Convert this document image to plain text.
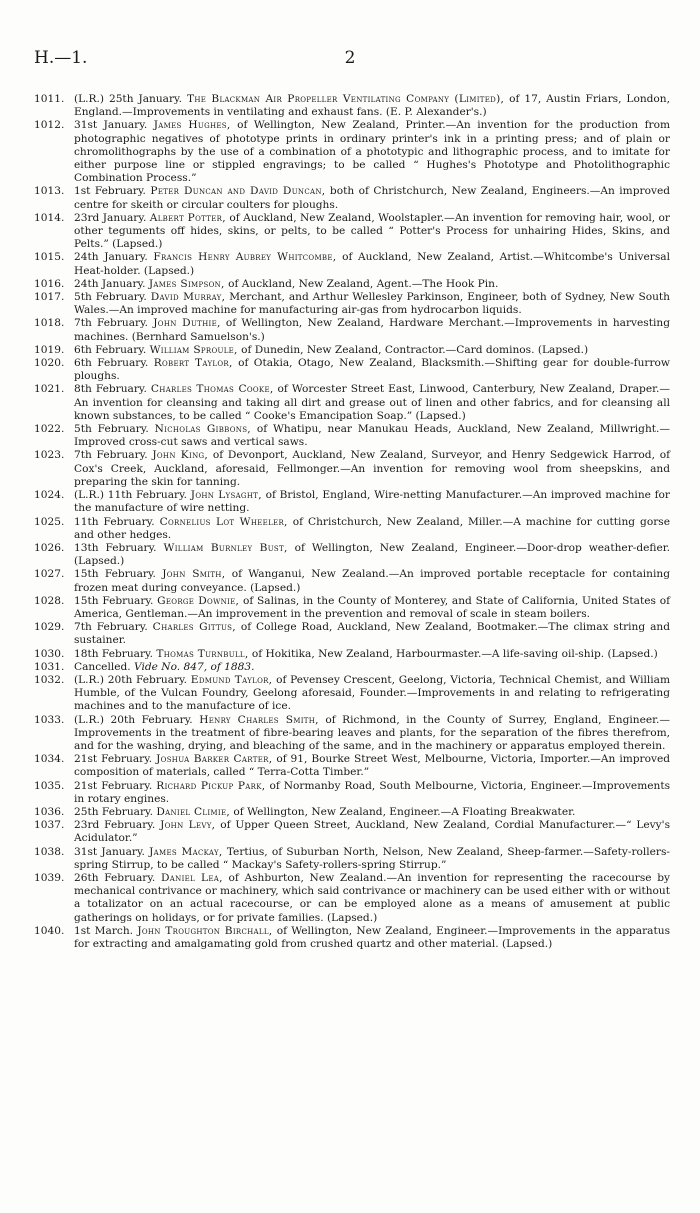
H.—1.	2
1011. (L.R.) 25th January. The Blackman Air Propeller Ventilating Company (Limited), of 17, Austin Friars, London, England.—Improvements in ventilating and exhaust fans. (E. P. Alexander's.)
1012. 31st January. James Hughes, of Wellington, New Zealand, Printer.—An invention for the production from photographic negatives of phototype prints in ordinary printer's ink in a printing press; and of plain or chromolithographs by the use of a combination of a phototypic and lithographic process, and to imitate for either purpose line or stippled engravings; to be called “ Hughes's Phototype and Photolithographic Combination Process.”
1013. 1st February. Peter Duncan and David Duncan, both of Christchurch, New Zealand, Engineers.—An improved centre for skeith or circular coulters for ploughs.
1014. 23rd January. Albert Potter, of Auckland, New Zealand, Woolstapler.—An invention for removing hair, wool, or other teguments off hides, skins, or pelts, to be called “ Potter's Process for unhairing Hides, Skins, and Pelts.” (Lapsed.)
1015. 24th January. Francis Henry Aubrey Whitcombe, of Auckland, New Zealand, Artist.—Whitcombe's Universal Heat-holder. (Lapsed.)
1016. 24th January. James Simpson, of Auckland, New Zealand, Agent.—The Hook Pin.
1017. 5th February. David Murray, Merchant, and Arthur Wellesley Parkinson, Engineer, both of Sydney, New South Wales.—An improved machine for manufacturing air-gas from hydrocarbon liquids.
1018. 7th February. John Duthie, of Wellington, New Zealand, Hardware Merchant.—Improvements in harvesting machines. (Bernhard Samuelson's.)
1019. 6th February. William Sproule, of Dunedin, New Zealand, Contractor.—Card dominos. (Lapsed.)
1020. 6th February. Robert Taylor, of Otakia, Otago, New Zealand, Blacksmith.—Shifting gear for double-furrow ploughs.
1021. 8th February. Charles Thomas Cooke, of Worcester Street East, Linwood, Canterbury, New Zealand, Draper.—An invention for cleansing and taking all dirt and grease out of linen and other fabrics, and for cleansing all known substances, to be called “ Cooke's Emancipation Soap.” (Lapsed.)
1022. 5th February. Nicholas Gibbons, of Whatipu, near Manukau Heads, Auckland, New Zealand, Millwright.—Improved cross-cut saws and vertical saws.
1023. 7th February. John King, of Devonport, Auckland, New Zealand, Surveyor, and Henry Sedgewick Harrod, of Cox's Creek, Auckland, aforesaid, Fellmonger.—An invention for removing wool from sheepskins, and preparing the skin for tanning.
1024. (L.R.) 11th February. John Lysaght, of Bristol, England, Wire-netting Manufacturer.—An improved machine for the manufacture of wire netting.
1025. 11th February. Cornelius Lot Wheeler, of Christchurch, New Zealand, Miller.—A machine for cutting gorse and other hedges.
1026. 13th February. William Burnley Bust, of Wellington, New Zealand, Engineer.—Door-drop weather-defier. (Lapsed.)
1027. 15th February. John Smith, of Wanganui, New Zealand.—An improved portable receptacle for containing frozen meat during conveyance. (Lapsed.)
1028. 15th February. George Downie, of Salinas, in the County of Monterey, and State of California, United States of America, Gentleman.—An improvement in the prevention and removal of scale in steam boilers.
1029. 7th February. Charles Gittus, of College Road, Auckland, New Zealand, Bootmaker.—The climax string and sustainer.
1030. 18th February. Thomas Turnbull, of Hokitika, New Zealand, Harbourmaster.—A life-saving oil-ship. (Lapsed.)
1031. Cancelled. Vide No. 847, of 1883.
1032. (L.R.) 20th February. Edmund Taylor, of Pevensey Crescent, Geelong, Victoria, Technical Chemist, and William Humble, of the Vulcan Foundry, Geelong aforesaid, Founder.—Improvements in and relating to refrigerating machines and to the manufacture of ice.
1033. (L.R.) 20th February. Henry Charles Smith, of Richmond, in the County of Surrey, England, Engineer.—Improvements in the treatment of fibre-bearing leaves and plants, for the separation of the fibres therefrom, and for the washing, drying, and bleaching of the same, and in the machinery or apparatus employed therein.
1034. 21st February. Joshua Barker Carter, of 91, Bourke Street West, Melbourne, Victoria, Importer.—An improved composition of materials, called “ Terra-Cotta Timber.”
1035. 21st February. Richard Pickup Park, of Normanby Road, South Melbourne, Victoria, Engineer.—Improvements in rotary engines.
1036. 25th February. Daniel Climie, of Wellington, New Zealand, Engineer.—A Floating Breakwater.
1037. 23rd February. John Levy, of Upper Queen Street, Auckland, New Zealand, Cordial Manufacturer.—“ Levy's Acidulator.”
1038. 31st January. James Mackay, Tertius, of Suburban North, Nelson, New Zealand, Sheep-farmer.—Safety-rollers-spring Stirrup, to be called “ Mackay's Safety-rollers-spring Stirrup.”
1039. 26th February. Daniel Lea, of Ashburton, New Zealand.—An invention for representing the racecourse by mechanical contrivance or machinery, which said contrivance or machinery can be used either with or without a totalizator on an actual racecourse, or can be employed alone as a means of amusement at public gatherings on holidays, or for private families. (Lapsed.)
1040. 1st March. John Troughton Birchall, of Wellington, New Zealand, Engineer.—Improvements in the apparatus for extracting and amalgamating gold from crushed quartz and other material. (Lapsed.)
